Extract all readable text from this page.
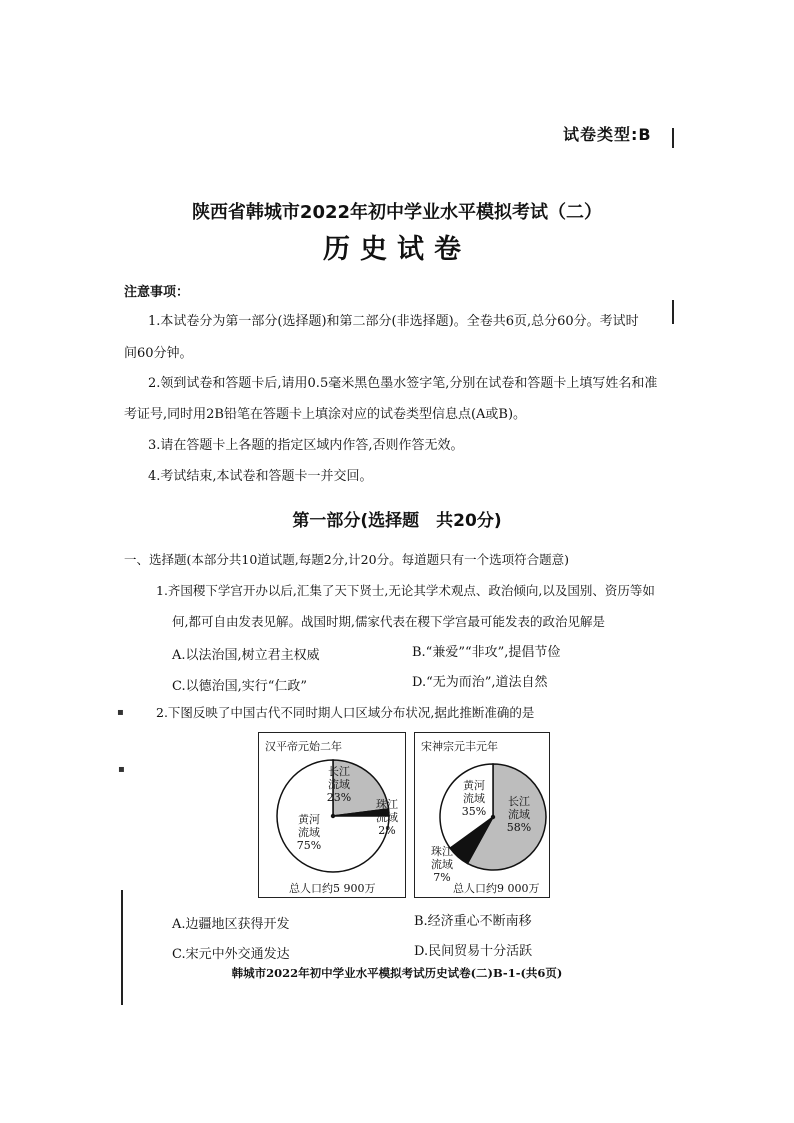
试卷类型:B
陕西省韩城市2022年初中学业水平模拟考试（二）
历史试卷
注意事项：
1.本试卷分为第一部分(选择题)和第二部分(非选择题)。全卷共6页,总分60分。考试时
间60分钟。
2.领到试卷和答题卡后,请用0.5毫米黑色墨水签字笔,分别在试卷和答题卡上填写姓名和准
考证号,同时用2B铅笔在答题卡上填涂对应的试卷类型信息点(A或B)。
3.请在答题卡上各题的指定区域内作答,否则作答无效。
4.考试结束,本试卷和答题卡一并交回。
第一部分(选择题　共20分)
一、选择题(本部分共10道试题,每题2分,计20分。每道题只有一个选项符合题意)
1.齐国稷下学宫开办以后,汇集了天下贤士,无论其学术观点、政治倾向,以及国别、资历等如
何,都可自由发表见解。战国时期,儒家代表在稷下学宫最可能发表的政治见解是
A.以法治国,树立君主权威	B.“兼爱”“非攻”,提倡节俭
C.以德治国,实行“仁政”	D.“无为而治”,道法自然
2.下图反映了中国古代不同时期人口区域分布状况,据此推断准确的是
汉平帝元始二年
长江
流域
23%
珠江
流域
2%
黄河
流域
75%
总人口约5 900万
宋神宗元丰元年
长江
流域
58%
珠江
流域
7%
黄河
流域
35%
总人口约9 000万
A.边疆地区获得开发	B.经济重心不断南移
C.宋元中外交通发达	D.民间贸易十分活跃
韩城市2022年初中学业水平模拟考试历史试卷(二)B-1-(共6页)
▪
▪
